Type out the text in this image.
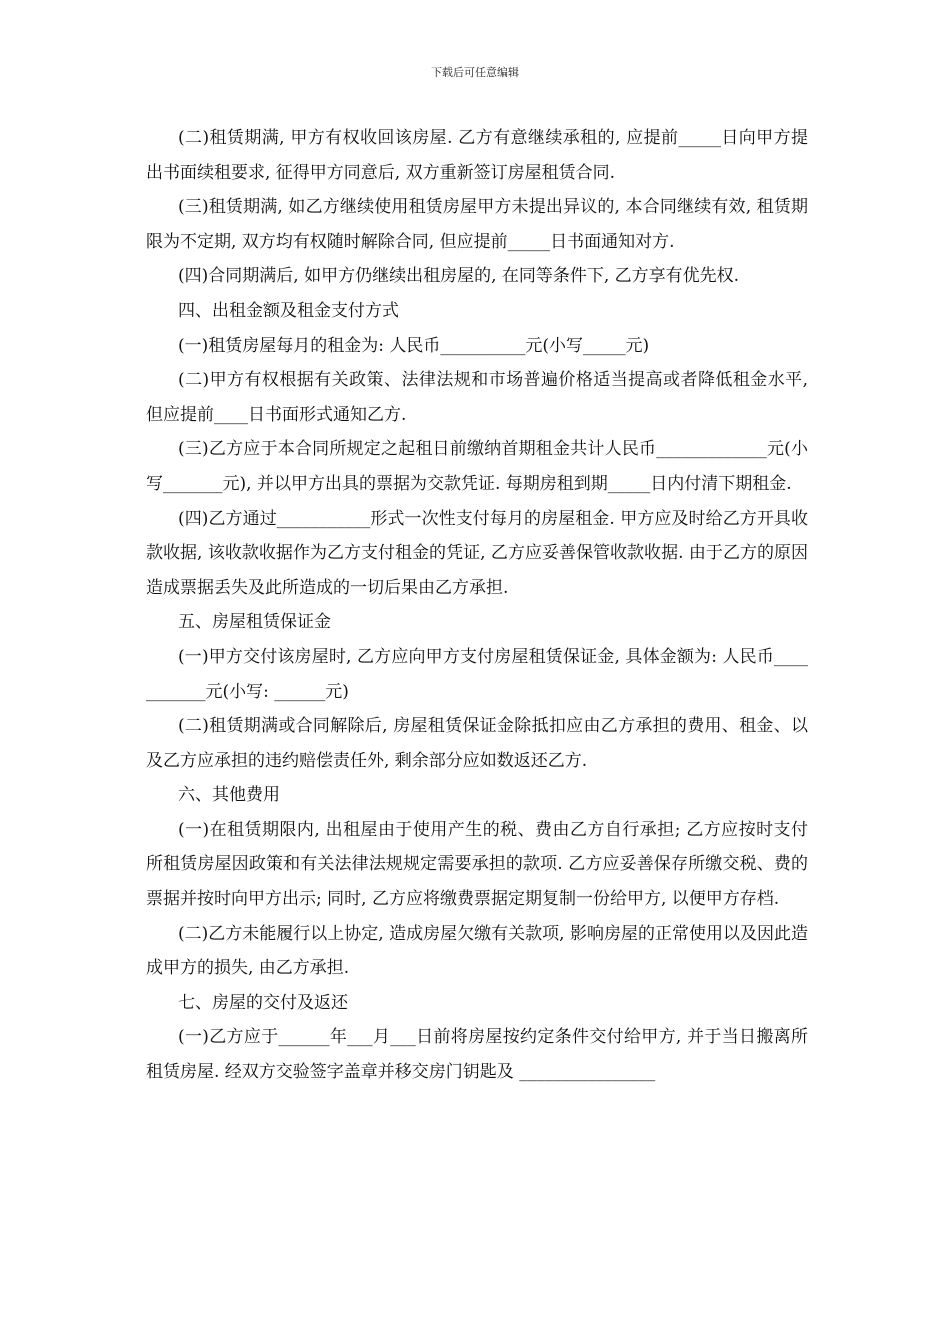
下载后可任意编辑

(二)租赁期满, 甲方有权收回该房屋. 乙方有意继续承租的, 应提前_____日向甲方提出书面续租要求, 征得甲方同意后, 双方重新签订房屋租赁合同.

(三)租赁期满, 如乙方继续使用租赁房屋甲方未提出异议的, 本合同继续有效, 租赁期限为不定期, 双方均有权随时解除合同, 但应提前_____日书面通知对方.

(四)合同期满后, 如甲方仍继续出租房屋的, 在同等条件下, 乙方享有优先权.

四、出租金额及租金支付方式

(一)租赁房屋每月的租金为: 人民币__________元(小写_____元)

(二)甲方有权根据有关政策、法律法规和市场普遍价格适当提高或者降低租金水平, 但应提前____日书面形式通知乙方.

(三)乙方应于本合同所规定之起租日前缴纳首期租金共计人民币_____________元(小写_______元), 并以甲方出具的票据为交款凭证. 每期房租到期_____日内付清下期租金.

(四)乙方通过___________形式一次性支付每月的房屋租金. 甲方应及时给乙方开具收款收据, 该收款收据作为乙方支付租金的凭证, 乙方应妥善保管收款收据. 由于乙方的原因造成票据丢失及此所造成的一切后果由乙方承担.

五、房屋租赁保证金

(一)甲方交付该房屋时, 乙方应向甲方支付房屋租赁保证金, 具体金额为: 人民币___________元(小写: ______元)

(二)租赁期满或合同解除后, 房屋租赁保证金除抵扣应由乙方承担的费用、租金、以及乙方应承担的违约赔偿责任外, 剩余部分应如数返还乙方.

六、其他费用

(一)在租赁期限内, 出租屋由于使用产生的税、费由乙方自行承担; 乙方应按时支付所租赁房屋因政策和有关法律法规规定需要承担的款项. 乙方应妥善保存所缴交税、费的票据并按时向甲方出示; 同时, 乙方应将缴费票据定期复制一份给甲方, 以便甲方存档.

(二)乙方未能履行以上协定, 造成房屋欠缴有关款项, 影响房屋的正常使用以及因此造成甲方的损失, 由乙方承担.

七、房屋的交付及返还

(一)乙方应于______年___月___日前将房屋按约定条件交付给甲方, 并于当日搬离所租赁房屋. 经双方交验签字盖章并移交房门钥匙及 ________________
